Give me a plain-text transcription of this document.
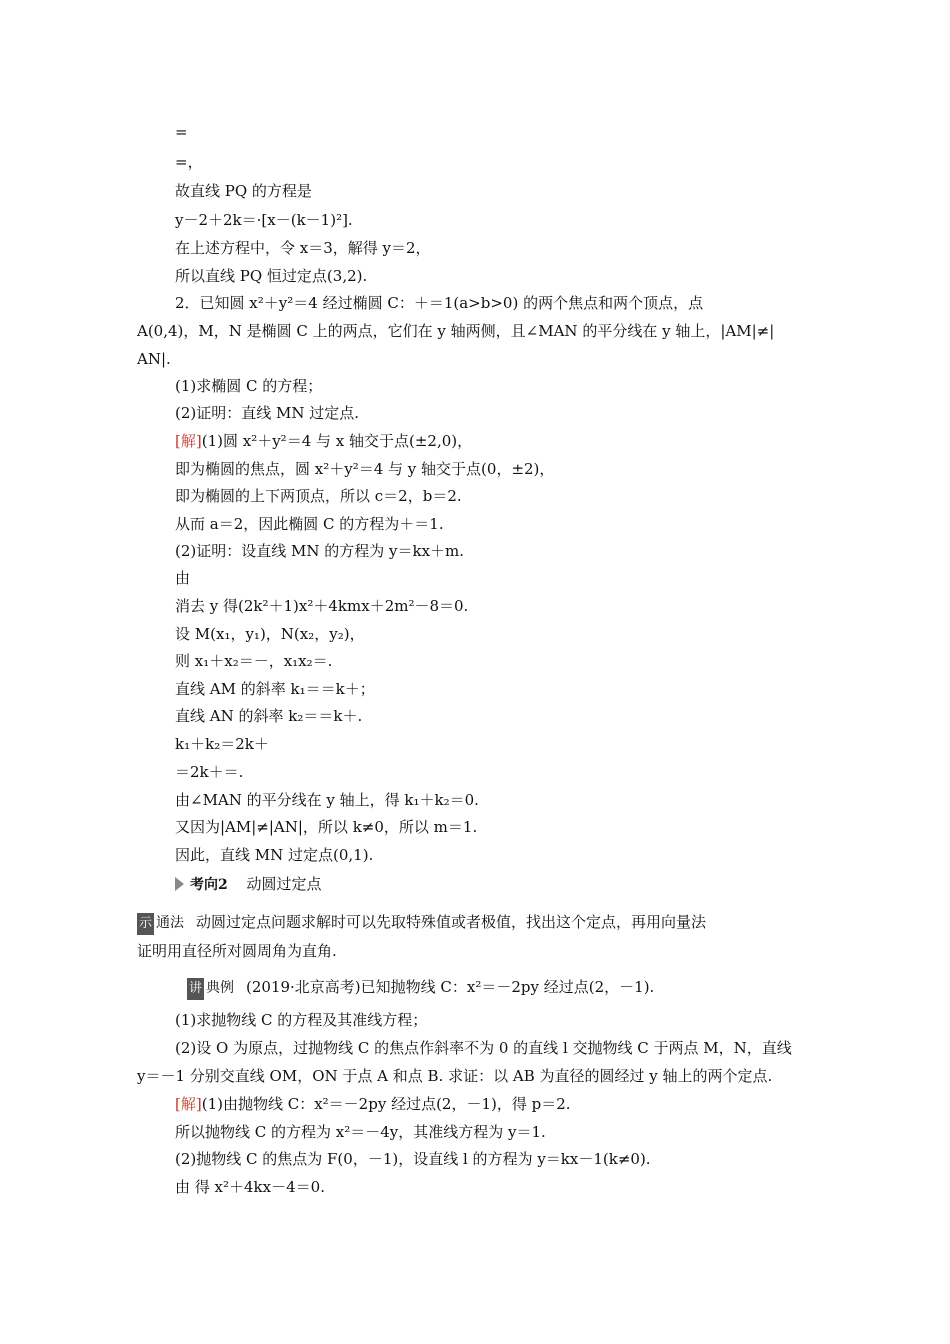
=
=，
故直线 PQ 的方程是
y－2＋2k＝·[x－(k－1)²].
在上述方程中，令 x＝3，解得 y＝2，
所以直线 PQ 恒过定点(3,2).
2．已知圆 x²＋y²＝4 经过椭圆 C：＋＝1(a>b>0) 的两个焦点和两个顶点，点
A(0,4)，M，N 是椭圆 C 上的两点，它们在 y 轴两侧，且∠MAN 的平分线在 y 轴上，|AM|≠|
AN|.
(1)求椭圆 C 的方程；
(2)证明：直线 MN 过定点.
[解](1)圆 x²＋y²＝4 与 x 轴交于点(±2,0)，
即为椭圆的焦点，圆 x²＋y²＝4 与 y 轴交于点(0，±2)，
即为椭圆的上下两顶点，所以 c＝2，b＝2.
从而 a＝2，因此椭圆 C 的方程为＋＝1.
(2)证明：设直线 MN 的方程为 y＝kx＋m.
由
消去 y 得(2k²＋1)x²＋4kmx＋2m²－8＝0.
设 M(x₁，y₁)，N(x₂，y₂)，
则 x₁＋x₂＝－，x₁x₂＝.
直线 AM 的斜率 k₁＝＝k＋；
直线 AN 的斜率 k₂＝＝k＋.
k₁＋k₂＝2k＋
＝2k＋＝.
由∠MAN 的平分线在 y 轴上，得 k₁＋k₂＝0.
又因为|AM|≠|AN|，所以 k≠0，所以 m＝1.
因此，直线 MN 过定点(0,1).
考向2 动圆过定点
示 通法 动圆过定点问题求解时可以先取特殊值或者极值，找出这个定点，再用向量法
证明用直径所对圆周角为直角.
讲 典例 (2019·北京高考)已知抛物线 C：x²＝－2py 经过点(2，－1).
(1)求抛物线 C 的方程及其准线方程；
(2)设 O 为原点，过抛物线 C 的焦点作斜率不为 0 的直线 l 交抛物线 C 于两点 M，N，直线
y＝－1 分别交直线 OM，ON 于点 A 和点 B. 求证：以 AB 为直径的圆经过 y 轴上的两个定点.
[解](1)由抛物线 C：x²＝－2py 经过点(2，－1)，得 p＝2.
所以抛物线 C 的方程为 x²＝－4y，其准线方程为 y＝1.
(2)抛物线 C 的焦点为 F(0，－1)，设直线 l 的方程为 y＝kx－1(k≠0).
由 得 x²＋4kx－4＝0.
